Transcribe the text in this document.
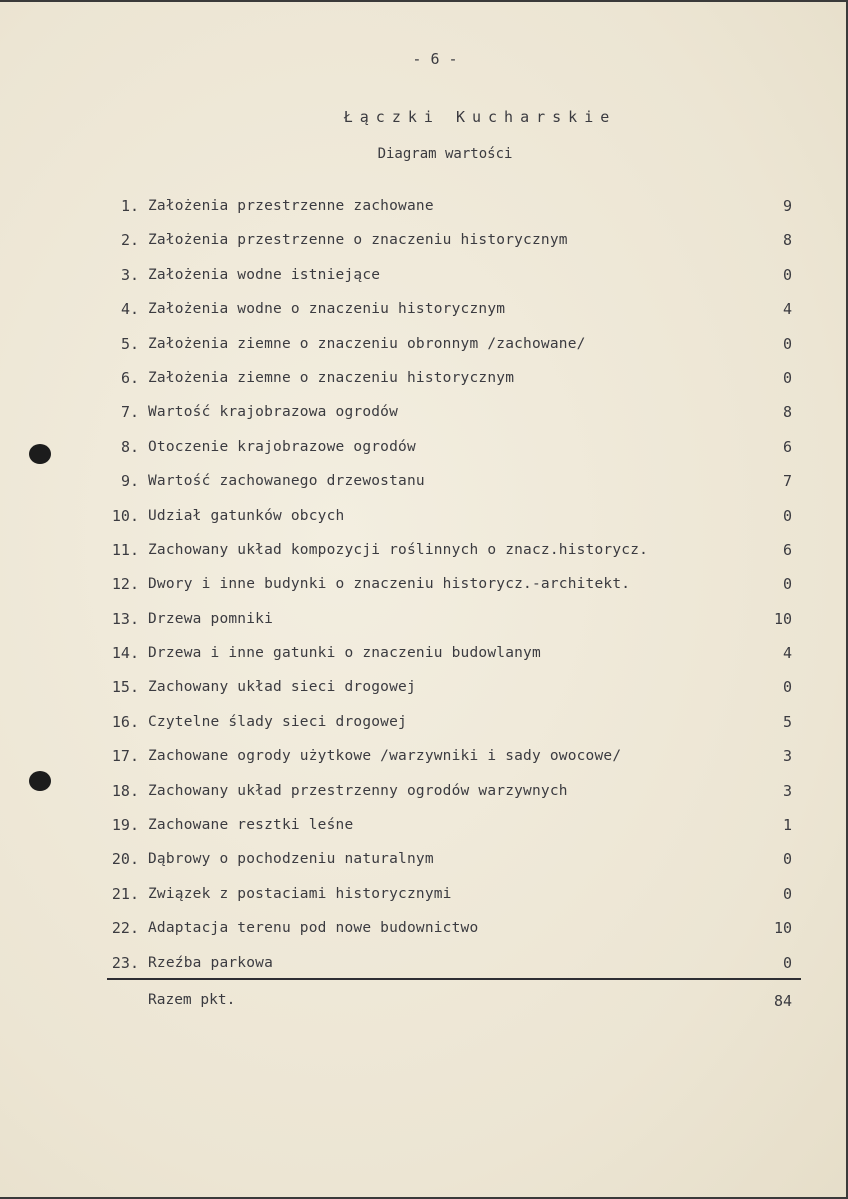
- 6 -
Łączki Kucharskie
Diagram wartości
1. Założenia przestrzenne zachowane	9
2. Założenia przestrzenne o znaczeniu historycznym	8
3. Założenia wodne istniejące	0
4. Założenia wodne o znaczeniu historycznym	4
5. Założenia ziemne o znaczeniu obronnym /zachowane/	0
6. Założenia ziemne o znaczeniu historycznym	0
7. Wartość krajobrazowa ogrodów	8
8. Otoczenie krajobrazowe ogrodów	6
9. Wartość zachowanego drzewostanu	7
10. Udział gatunków obcych	0
11. Zachowany układ kompozycji roślinnych o znacz.historycz.	6
12. Dwory i inne budynki o znaczeniu historycz.-architekt.	0
13. Drzewa pomniki	10
14. Drzewa i inne gatunki o znaczeniu budowlanym	4
15. Zachowany układ sieci drogowej	0
16. Czytelne ślady sieci drogowej	5
17. Zachowane ogrody użytkowe /warzywniki i sady owocowe/	3
18. Zachowany układ przestrzenny ogrodów warzywnych	3
19. Zachowane resztki leśne	1
20. Dąbrowy o pochodzeniu naturalnym	0
21. Związek z postaciami historycznymi	0
22. Adaptacja terenu pod nowe budownictwo	10
23. Rzeźba parkowa	0
Razem pkt.	84
